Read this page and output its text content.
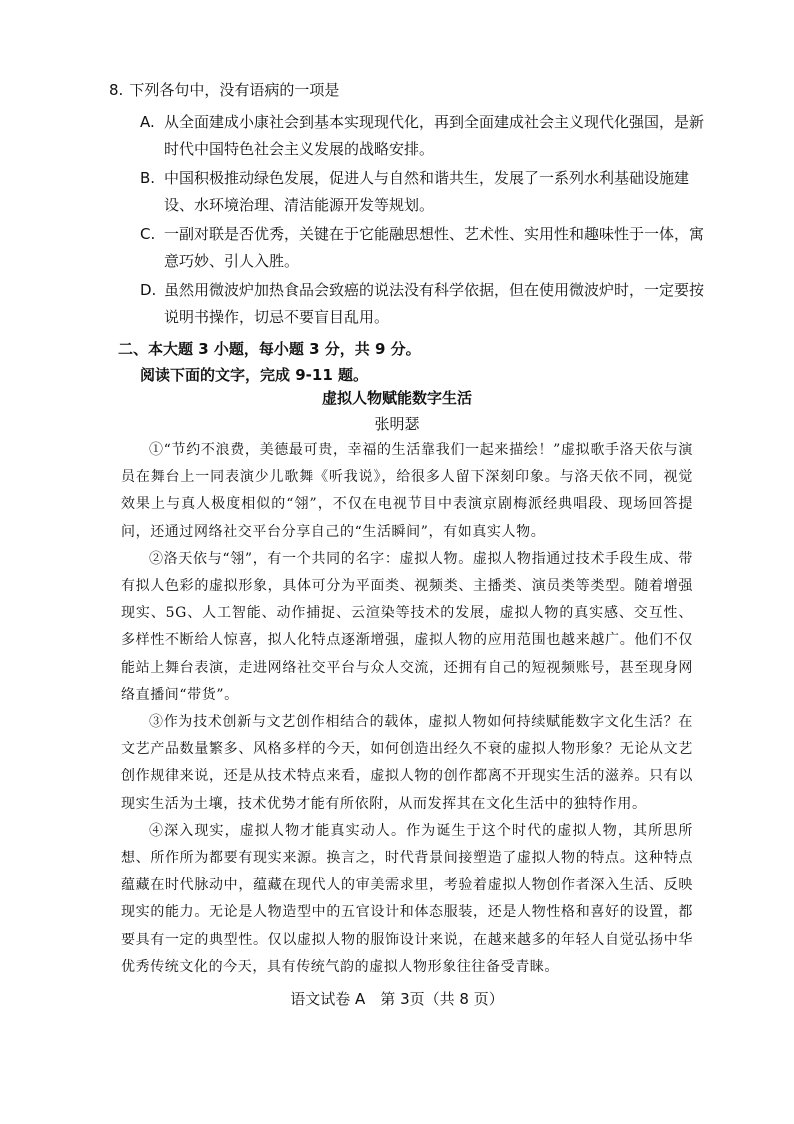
8. 下列各句中，没有语病的一项是
A. 从全面建成小康社会到基本实现现代化，再到全面建成社会主义现代化强国，是新时代中国特色社会主义发展的战略安排。
B. 中国积极推动绿色发展，促进人与自然和谐共生，发展了一系列水利基础设施建设、水环境治理、清洁能源开发等规划。
C. 一副对联是否优秀，关键在于它能融思想性、艺术性、实用性和趣味性于一体，寓意巧妙、引人入胜。
D. 虽然用微波炉加热食品会致癌的说法没有科学依据，但在使用微波炉时，一定要按说明书操作，切忌不要盲目乱用。
二、本大题 3 小题，每小题 3 分，共 9 分。
阅读下面的文字，完成 9-11 题。
虚拟人物赋能数字生活
张明瑟

①“节约不浪费，美德最可贵，幸福的生活靠我们一起来描绘！”虚拟歌手洛天依与演员在舞台上一同表演少儿歌舞《听我说》，给很多人留下深刻印象。与洛天依不同，视觉效果上与真人极度相似的“翎”，不仅在电视节目中表演京剧梅派经典唱段、现场回答提问，还通过网络社交平台分享自己的“生活瞬间”，有如真实人物。

②洛天依与“翎”，有一个共同的名字：虚拟人物。虚拟人物指通过技术手段生成、带有拟人色彩的虚拟形象，具体可分为平面类、视频类、主播类、演员类等类型。随着增强现实、5G、人工智能、动作捕捉、云渲染等技术的发展，虚拟人物的真实感、交互性、多样性不断给人惊喜，拟人化特点逐渐增强，虚拟人物的应用范围也越来越广。他们不仅能站上舞台表演，走进网络社交平台与众人交流，还拥有自己的短视频账号，甚至现身网络直播间“带货”。

③作为技术创新与文艺创作相结合的载体，虚拟人物如何持续赋能数字文化生活？在文艺产品数量繁多、风格多样的今天，如何创造出经久不衰的虚拟人物形象？无论从文艺创作规律来说，还是从技术特点来看，虚拟人物的创作都离不开现实生活的滋养。只有以现实生活为土壤，技术优势才能有所依附，从而发挥其在文化生活中的独特作用。

④深入现实，虚拟人物才能真实动人。作为诞生于这个时代的虚拟人物，其所思所想、所作所为都要有现实来源。换言之，时代背景间接塑造了虚拟人物的特点。这种特点蕴藏在时代脉动中，蕴藏在现代人的审美需求里，考验着虚拟人物创作者深入生活、反映现实的能力。无论是人物造型中的五官设计和体态服装，还是人物性格和喜好的设置，都要具有一定的典型性。仅以虚拟人物的服饰设计来说，在越来越多的年轻人自觉弘扬中华优秀传统文化的今天，具有传统气韵的虚拟人物形象往往备受青睐。

语文试卷 A　第 3页（共 8 页）
